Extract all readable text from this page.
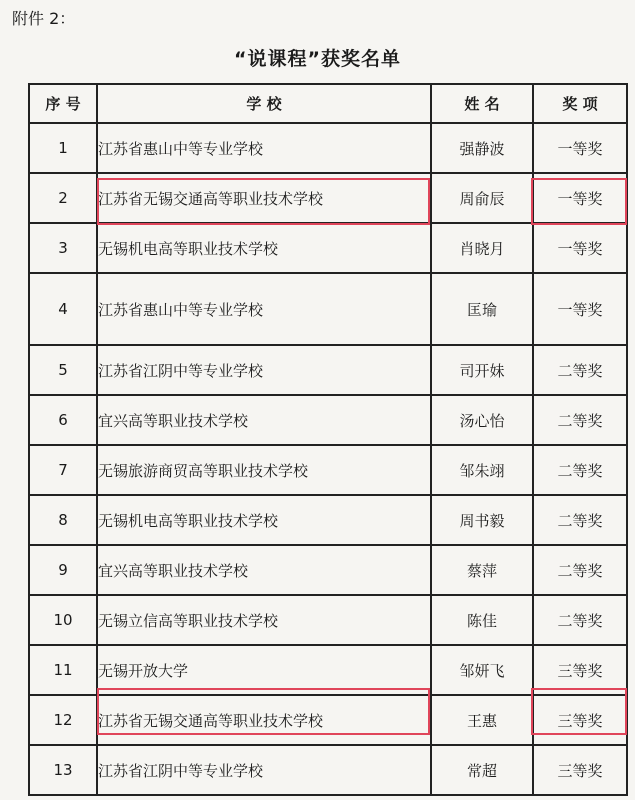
附件 2：
“说课程”获奖名单
序 号	学 校	姓 名	奖 项
1	江苏省惠山中等专业学校	强静波	一等奖
2	江苏省无锡交通高等职业技术学校	周俞辰	一等奖
3	无锡机电高等职业技术学校	肖晓月	一等奖
4	江苏省惠山中等专业学校	匡瑜	一等奖
5	江苏省江阴中等专业学校	司开妹	二等奖
6	宜兴高等职业技术学校	汤心怡	二等奖
7	无锡旅游商贸高等职业技术学校	邹朱翊	二等奖
8	无锡机电高等职业技术学校	周书毅	二等奖
9	宜兴高等职业技术学校	蔡萍	二等奖
10	无锡立信高等职业技术学校	陈佳	二等奖
11	无锡开放大学	邹妍飞	三等奖
12	江苏省无锡交通高等职业技术学校	王惠	三等奖
13	江苏省江阴中等专业学校	常超	三等奖
